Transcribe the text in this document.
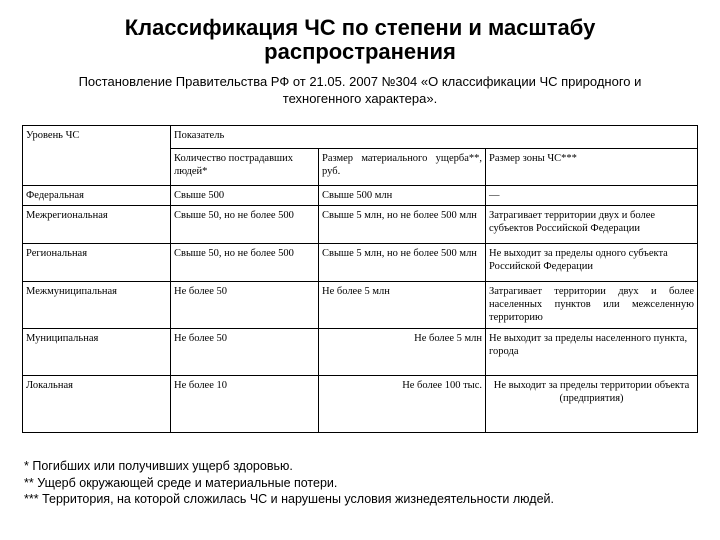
Классификация ЧС по степени и масштабу распространения
Постановление Правительства РФ от 21.05. 2007 №304 «О классификации ЧС природного и техногенного характера».
Уровень ЧС	Показатель		
	Количество пострадавших людей*	Размер материального ущерба**, руб.	Размер зоны ЧС***
Федеральная	Свыше 500	Свыше 500 млн	—
Межрегиональная	Свыше 50, но не более 500	Свыше 5 млн, но не более 500 млн	Затрагивает территории двух и более субъектов Российской Федерации
Региональная	Свыше 50, но не более 500	Свыше 5 млн, но не более 500 млн	Не выходит за пределы одного субъекта Российской Федерации
Межмуниципальная	Не более 50	Не более 5 млн	Затрагивает территории двух и более населенных пунктов или межселенную территорию
Муниципальная	Не более 50	Не более 5 млн	Не выходит за пределы населенного пункта, города
Локальная	Не более 10	Не более 100 тыс.	Не выходит за пределы территории объекта (предприятия)
* Погибших или получивших ущерб здоровью.
** Ущерб окружающей среде и материальные потери.
*** Территория, на которой сложилась ЧС и нарушены условия жизнедеятельности людей.
